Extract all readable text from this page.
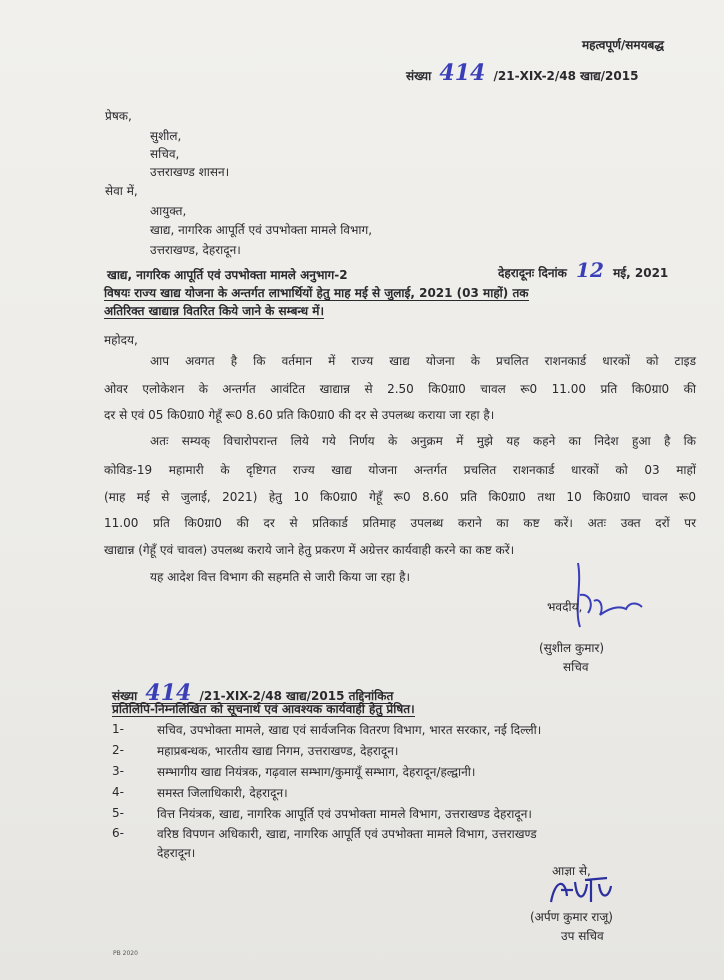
महत्वपूर्ण/समयबद्ध
संख्या 414 /21-XIX-2/48 खाद्य/2015
प्रेषक,
सुशील,
सचिव,
उत्तराखण्ड शासन।
सेवा में,
आयुक्त,
खाद्य, नागरिक आपूर्ति एवं उपभोक्ता मामले विभाग,
उत्तराखण्ड, देहरादून।
खाद्य, नागरिक आपूर्ति एवं उपभोक्ता मामले अनुभाग-2	देहरादूनः दिनांक 12 मई, 2021
विषयः राज्य खाद्य योजना के अन्तर्गत लाभार्थियों हेतु माह मई से जुलाई, 2021 (03 माहों) तक
अतिरिक्त खाद्यान्न वितरित किये जाने के सम्बन्ध में।
महोदय,
आप अवगत है कि वर्तमान में राज्य खाद्य योजना के प्रचलित राशनकार्ड धारकों को टाइड
ओवर एलोकेशन के अन्तर्गत आवंटित खाद्यान्न से 2.50 कि0ग्रा0 चावल रू0 11.00 प्रति कि0ग्रा0 की
दर से एवं 05 कि0ग्रा0 गेहूँ रू0 8.60 प्रति कि0ग्रा0 की दर से उपलब्ध कराया जा रहा है।
अतः सम्यक् विचारोपरान्त लिये गये निर्णय के अनुक्रम में मुझे यह कहने का निदेश हुआ है कि
कोविड-19 महामारी के दृष्टिगत राज्य खाद्य योजना अन्तर्गत प्रचलित राशनकार्ड धारकों को 03 माहों
(माह मई से जुलाई, 2021) हेतु 10 कि0ग्रा0 गेहूँ रू0 8.60 प्रति कि0ग्रा0 तथा 10 कि0ग्रा0 चावल रू0
11.00 प्रति कि0ग्रा0 की दर से प्रतिकार्ड प्रतिमाह उपलब्ध कराने का कष्ट करें। अतः उक्त दरों पर
खाद्यान्न (गेहूँ एवं चावल) उपलब्ध कराये जाने हेतु प्रकरण में अग्रेत्तर कार्यवाही करने का कष्ट करें।
यह आदेश वित्त विभाग की सहमति से जारी किया जा रहा है।
भवदीय,
(सुशील कुमार)
सचिव
संख्या 414 /21-XIX-2/48 खाद्य/2015 तद्दिनांकित
प्रतिलिपि-निम्नलिखित को सूचनार्थ एवं आवश्यक कार्यवाही हेतु प्रेषित।
1-	सचिव, उपभोक्ता मामले, खाद्य एवं सार्वजनिक वितरण विभाग, भारत सरकार, नई दिल्ली।
2-	महाप्रबन्धक, भारतीय खाद्य निगम, उत्तराखण्ड, देहरादून।
3-	सम्भागीय खाद्य नियंत्रक, गढ़वाल सम्भाग/कुमायूँ सम्भाग, देहरादून/हल्द्वानी।
4-	समस्त जिलाधिकारी, देहरादून।
5-	वित्त नियंत्रक, खाद्य, नागरिक आपूर्ति एवं उपभोक्ता मामले विभाग, उत्तराखण्ड देहरादून।
6-	वरिष्ठ विपणन अधिकारी, खाद्य, नागरिक आपूर्ति एवं उपभोक्ता मामले विभाग, उत्तराखण्ड
देहरादून।
आज्ञा से,
(अर्पण कुमार राजू)
उप सचिव
PB 2020
